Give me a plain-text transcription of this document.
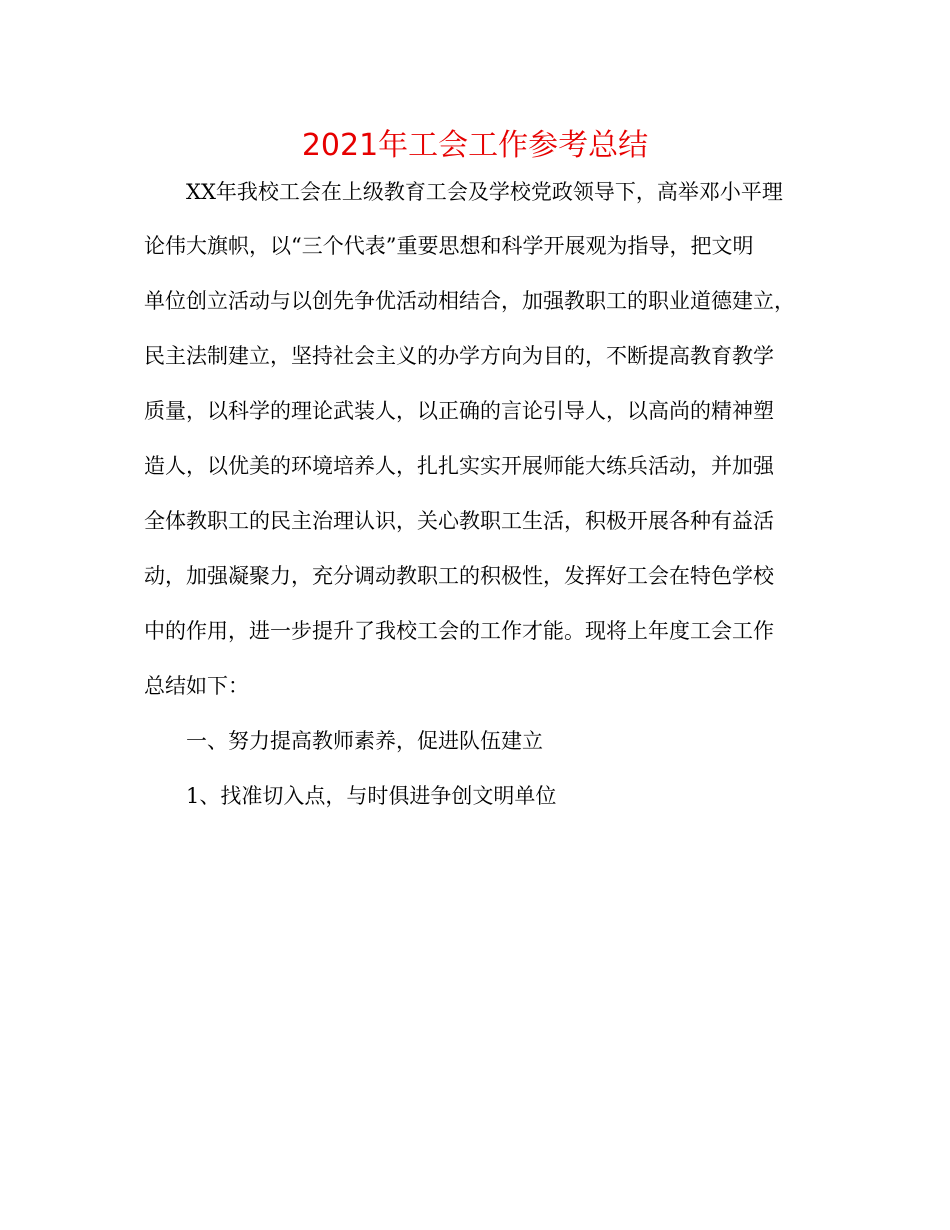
2021年工会工作参考总结
XX年我校工会在上级教育工会及学校党政领导下，高举邓小平理
论伟大旗帜，以“三个代表”重要思想和科学开展观为指导，把文明
单位创立活动与以创先争优活动相结合，加强教职工的职业道德建立，
民主法制建立，坚持社会主义的办学方向为目的，不断提高教育教学
质量，以科学的理论武装人，以正确的言论引导人，以高尚的精神塑
造人，以优美的环境培养人，扎扎实实开展师能大练兵活动，并加强
全体教职工的民主治理认识，关心教职工生活，积极开展各种有益活
动，加强凝聚力，充分调动教职工的积极性，发挥好工会在特色学校
中的作用，进一步提升了我校工会的工作才能。现将上年度工会工作
总结如下：
一、努力提高教师素养，促进队伍建立
1、找准切入点，与时俱进争创文明单位
